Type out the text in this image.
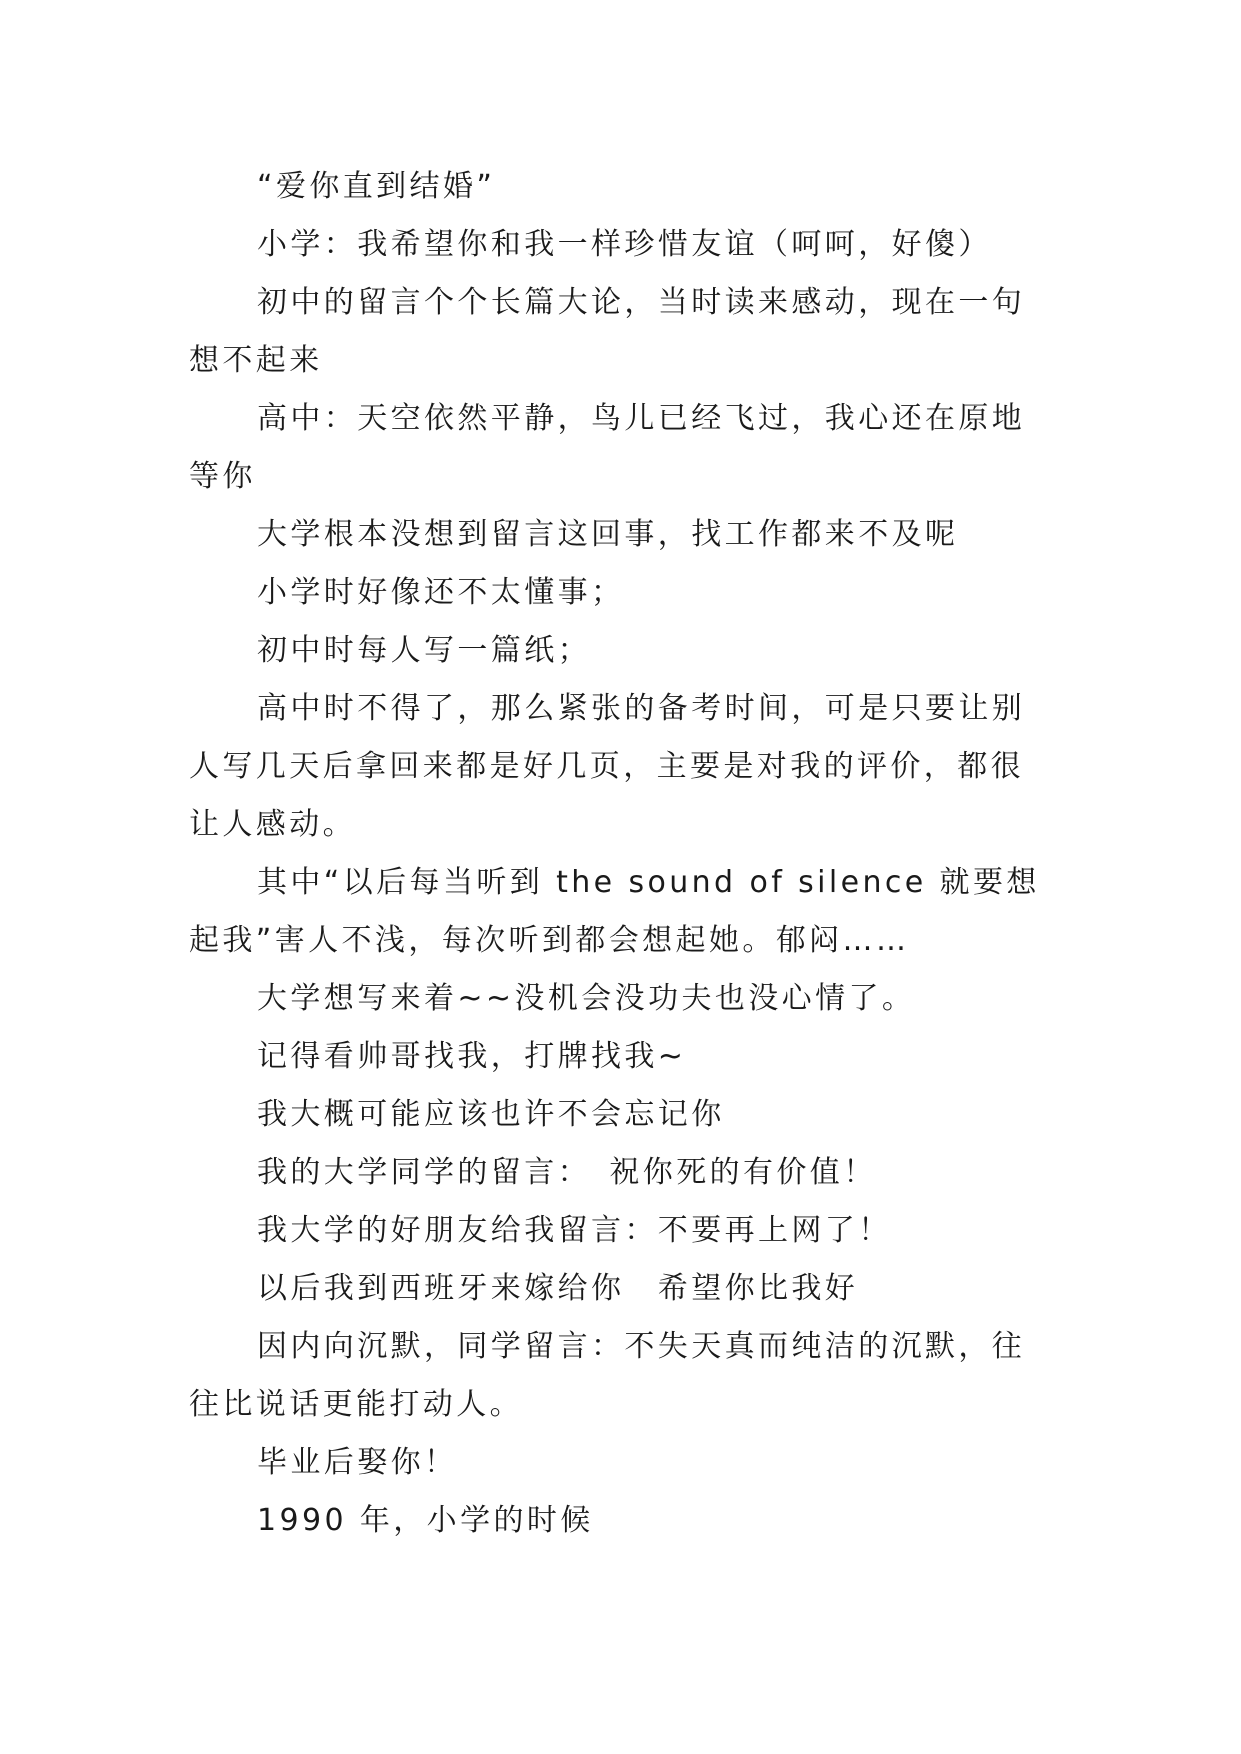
“爱你直到结婚”

小学：我希望你和我一样珍惜友谊（呵呵，好傻）

初中的留言个个长篇大论，当时读来感动，现在一句想不起来

高中：天空依然平静，鸟儿已经飞过，我心还在原地等你

大学根本没想到留言这回事，找工作都来不及呢

小学时好像还不太懂事；

初中时每人写一篇纸；

高中时不得了，那么紧张的备考时间，可是只要让别人写几天后拿回来都是好几页，主要是对我的评价，都很让人感动。

其中“以后每当听到 the sound of silence 就要想起我”害人不浅，每次听到都会想起她。郁闷……

大学想写来着~~没机会没功夫也没心情了。

记得看帅哥找我，打牌找我~

我大概可能应该也许不会忘记你

我的大学同学的留言：　祝你死的有价值！

我大学的好朋友给我留言：不要再上网了！

以后我到西班牙来嫁给你　希望你比我好

因内向沉默，同学留言：不失天真而纯洁的沉默，往往比说话更能打动人。

毕业后娶你！

1990 年，小学的时候
